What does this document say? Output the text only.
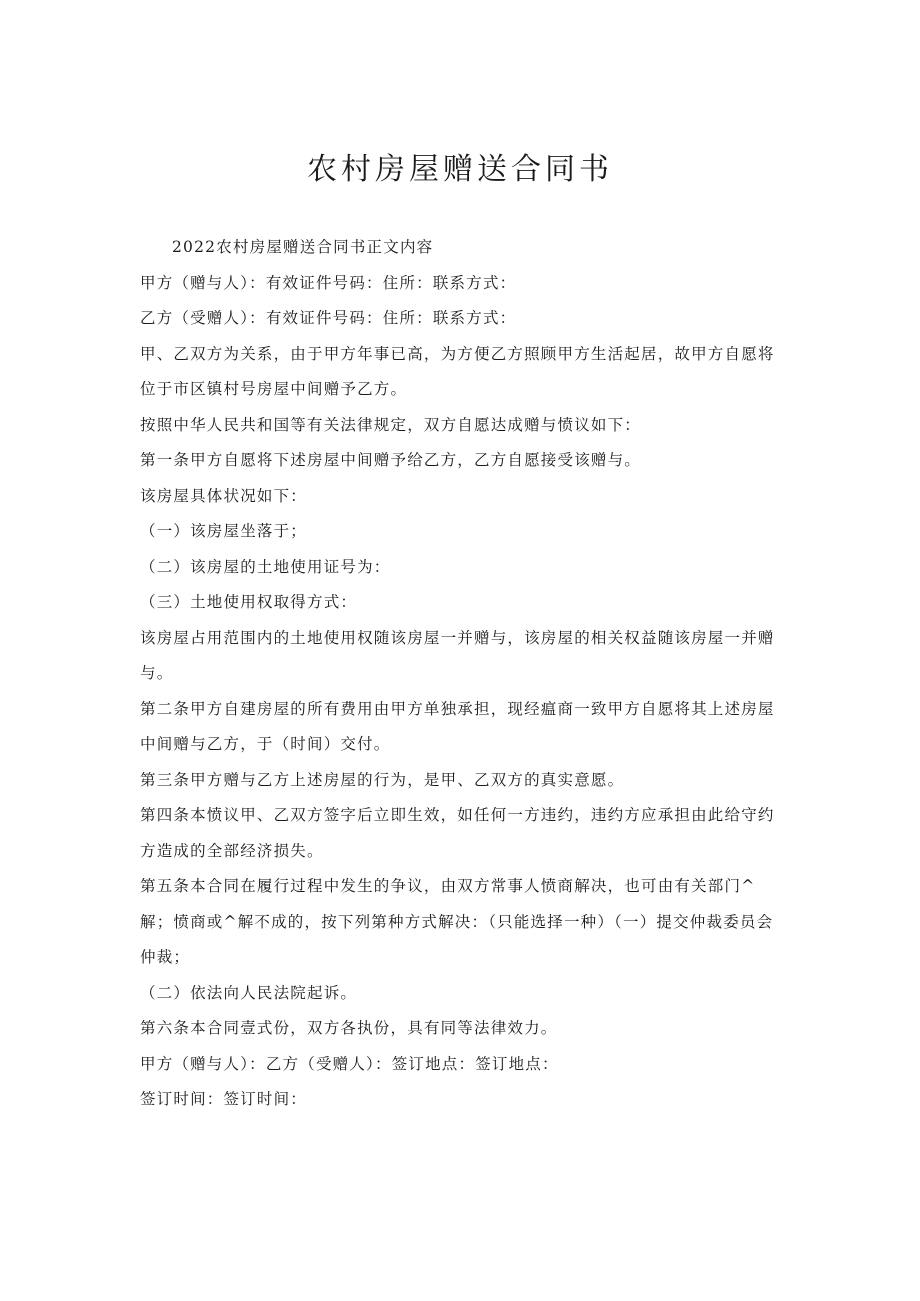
农村房屋赠送合同书

2022农村房屋赠送合同书正文内容

甲方（赠与人）：有效证件号码：住所：联系方式：

乙方（受赠人）：有效证件号码：住所：联系方式：

甲、乙双方为关系，由于甲方年事已高，为方便乙方照顾甲方生活起居，故甲方自愿将位于市区镇村号房屋中间赠予乙方。

按照中华人民共和国等有关法律规定，双方自愿达成赠与愤议如下：

第一条甲方自愿将下述房屋中间赠予给乙方，乙方自愿接受该赠与。

该房屋具体状况如下：

（一）该房屋坐落于；

（二）该房屋的土地使用证号为：

（三）土地使用权取得方式：

该房屋占用范围内的土地使用权随该房屋一并赠与，该房屋的相关权益随该房屋一并赠与。

第二条甲方自建房屋的所有费用由甲方单独承担，现经瘟商一致甲方自愿将其上述房屋中间赠与乙方，于（时间）交付。

第三条甲方赠与乙方上述房屋的行为，是甲、乙双方的真实意愿。

第四条本愤议甲、乙双方签字后立即生效，如任何一方违约，违约方应承担由此给守约方造成的全部经济损失。

第五条本合同在履行过程中发生的争议，由双方常事人愤商解决，也可由有关部门^解；愤商或^解不成的，按下列第种方式解决：（只能选择一种）（一）提交仲裁委员会仲裁；

（二）依法向人民法院起诉。

第六条本合同壹式份，双方各执份，具有同等法律效力。

甲方（赠与人）：乙方（受赠人）：签订地点：签订地点：

签订时间：签订时间：
